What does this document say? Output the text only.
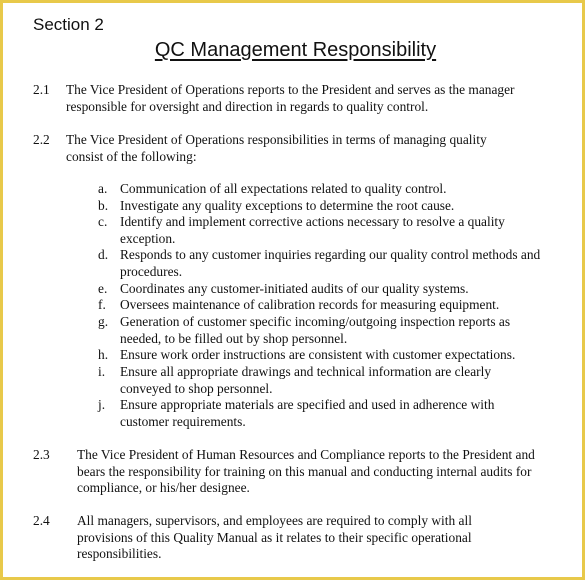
Section 2
QC Management Responsibility
2.1 The Vice President of Operations reports to the President and serves as the manager responsible for oversight and direction in regards to quality control.
2.2 The Vice President of Operations responsibilities in terms of managing quality consist of the following:
a. Communication of all expectations related to quality control.
b. Investigate any quality exceptions to determine the root cause.
c. Identify and implement corrective actions necessary to resolve a quality exception.
d. Responds to any customer inquiries regarding our quality control methods and procedures.
e. Coordinates any customer-initiated audits of our quality systems.
f.	Oversees maintenance of calibration records for measuring equipment.
g. Generation of customer specific incoming/outgoing inspection reports as needed, to be filled out by shop personnel.
h. Ensure work order instructions are consistent with customer expectations.
i.	Ensure all appropriate drawings and technical information are clearly conveyed to shop personnel.
j.	Ensure appropriate materials are specified and used in adherence with customer requirements.
2.3 The Vice President of Human Resources and Compliance reports to the President and bears the responsibility for training on this manual and conducting internal audits for compliance, or his/her designee.
2.4 All managers, supervisors, and employees are required to comply with all provisions of this Quality Manual as it relates to their specific operational responsibilities.
